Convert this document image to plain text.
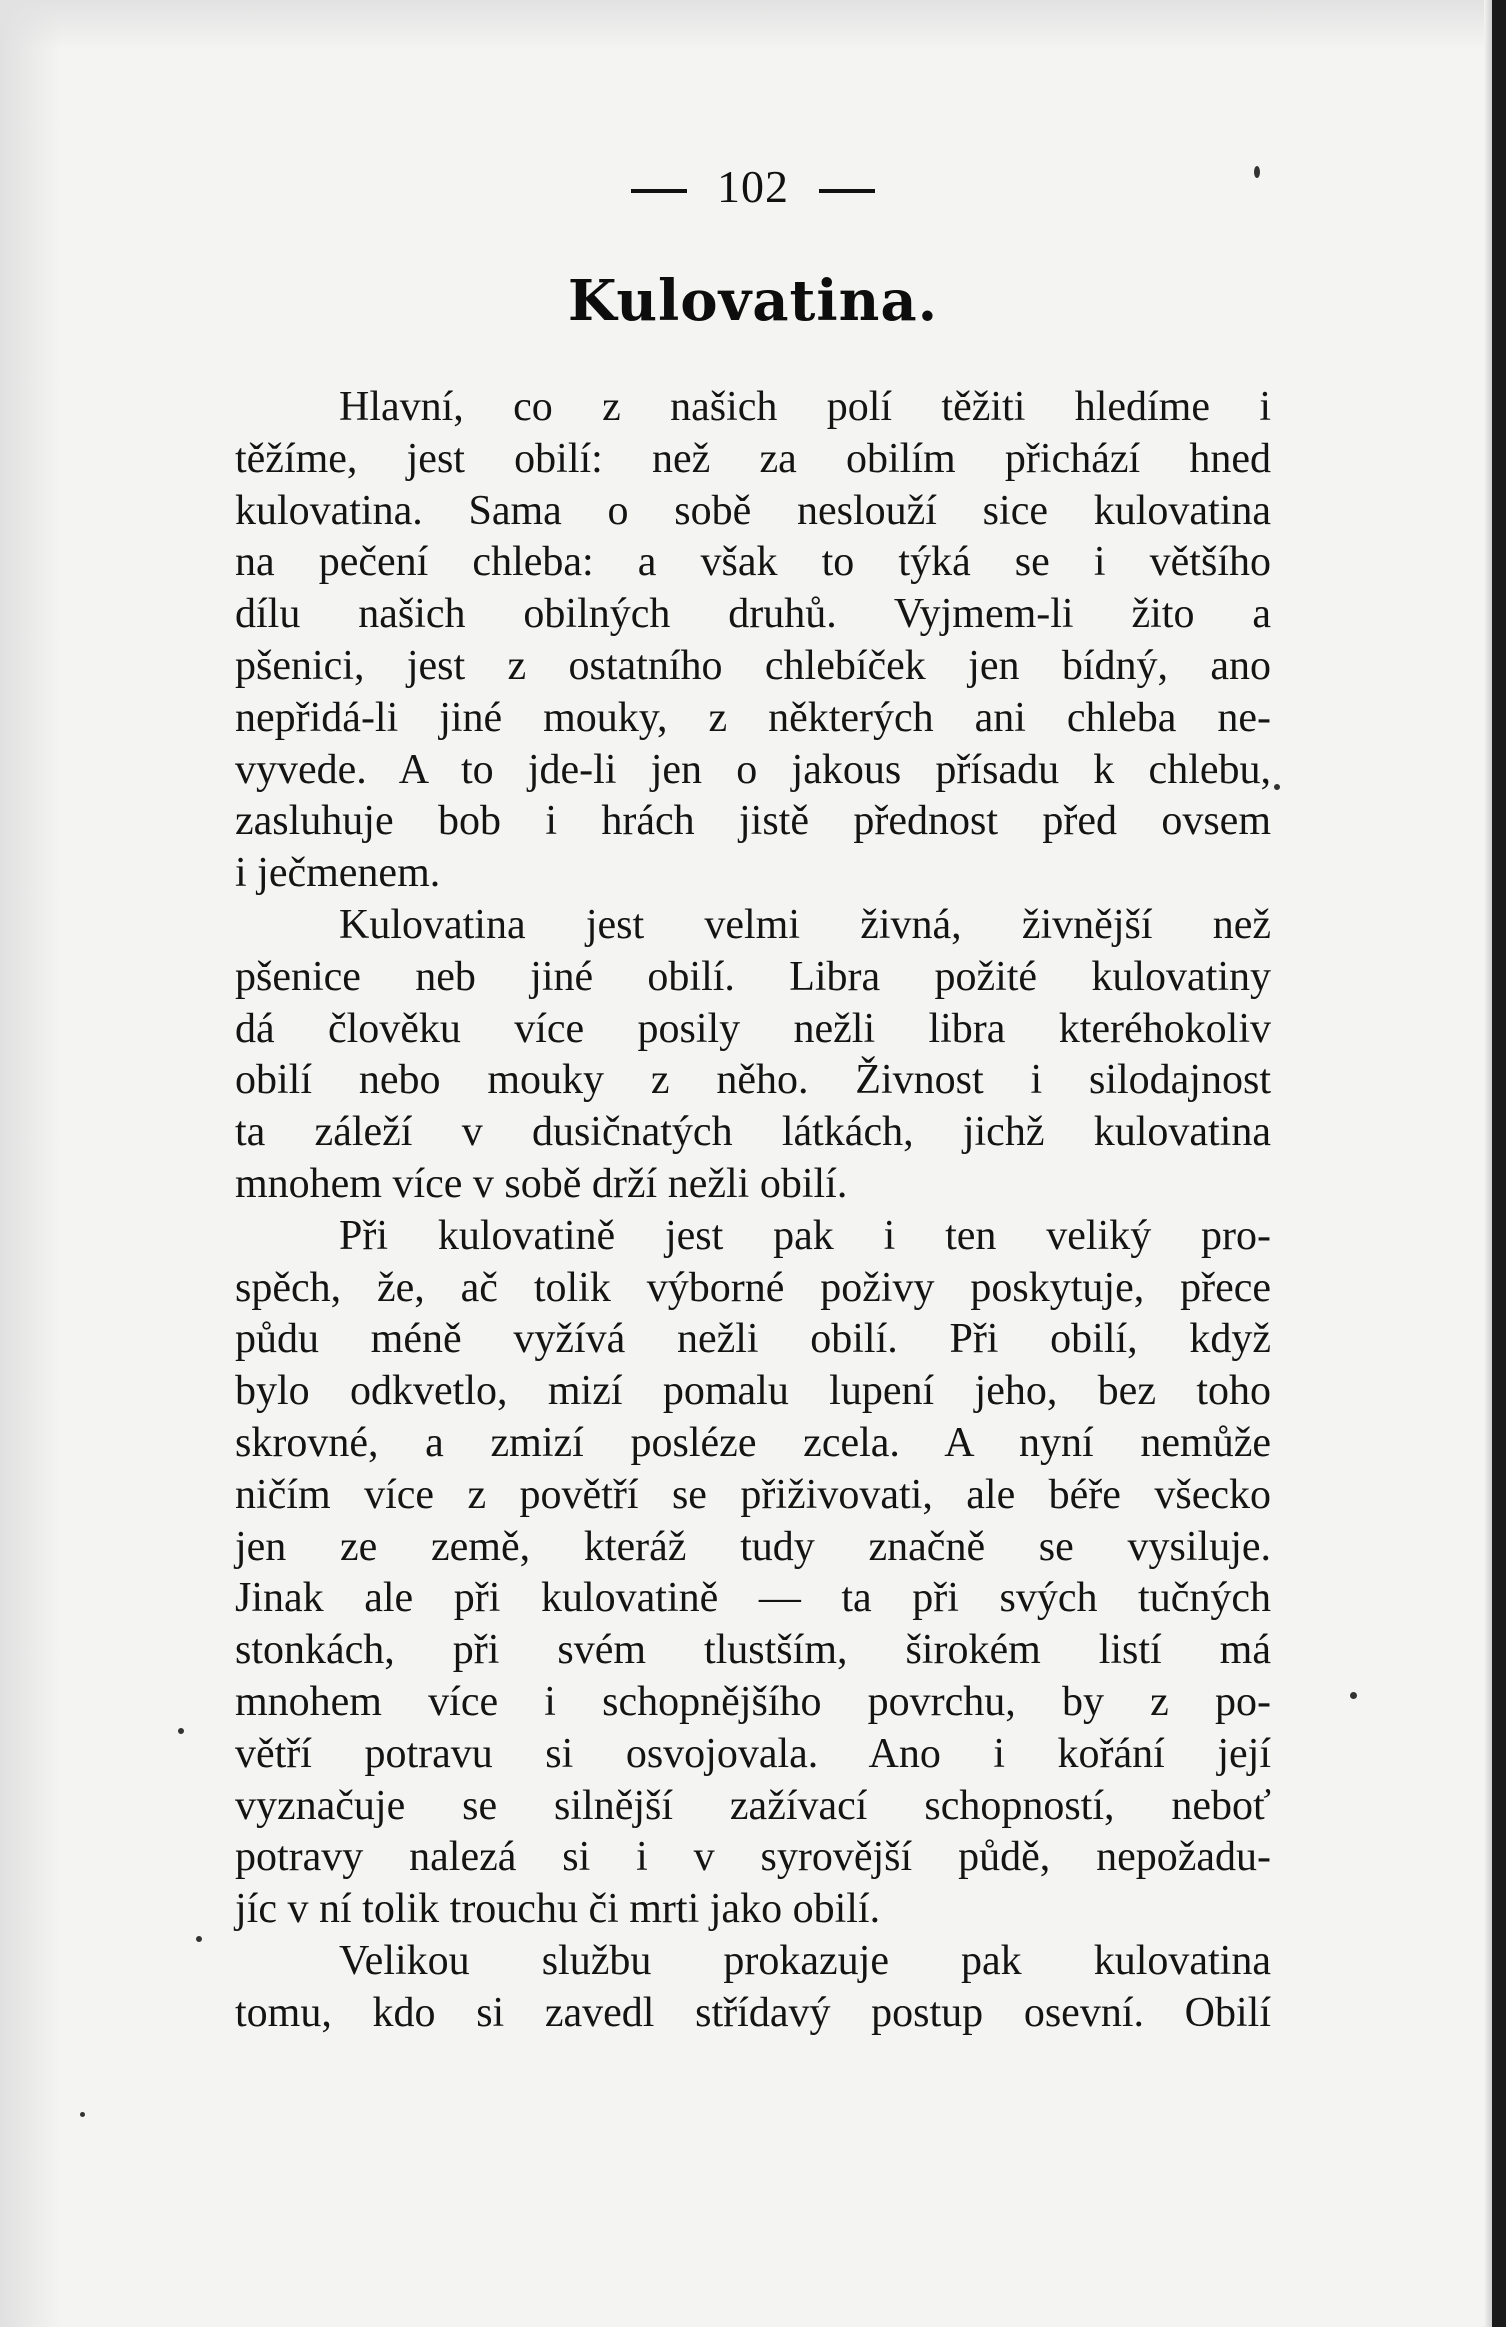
102
Kulovatina.
Hlavní, co z našich polí těžiti hledíme i
těžíme, jest obilí: než za obilím přichází hned
kulovatina. Sama o sobě neslouží sice kulovatina
na pečení chleba: a však to týká se i většího
dílu našich obilných druhů. Vyjmem-li žito a
pšenici, jest z ostatního chlebíček jen bídný, ano
nepřidá-li jiné mouky, z některých ani chleba ne-
vyvede. A to jde-li jen o jakous přísadu k chlebu,
zasluhuje bob i hrách jistě přednost před ovsem
i ječmenem.
Kulovatina jest velmi živná, živnější než
pšenice neb jiné obilí. Libra požité kulovatiny
dá člověku více posily nežli libra kteréhokoliv
obilí nebo mouky z něho. Živnost i silodajnost
ta záleží v dusičnatých látkách, jichž kulovatina
mnohem více v sobě drží nežli obilí.
Při kulovatině jest pak i ten veliký pro-
spěch, že, ač tolik výborné poživy poskytuje, přece
půdu méně vyžívá nežli obilí. Při obilí, když
bylo odkvetlo, mizí pomalu lupení jeho, bez toho
skrovné, a zmizí posléze zcela. A nyní nemůže
ničím více z povětří se přiživovati, ale béře všecko
jen ze země, kteráž tudy značně se vysiluje.
Jinak ale při kulovatině — ta při svých tučných
stonkách, při svém tlustším, širokém listí má
mnohem více i schopnějšího povrchu, by z po-
větří potravu si osvojovala. Ano i kořání její
vyznačuje se silnější zažívací schopností, neboť
potravy nalezá si i v syrovější půdě, nepožadu-
jíc v ní tolik trouchu či mrti jako obilí.
Velikou službu prokazuje pak kulovatina
tomu, kdo si zavedl střídavý postup osevní. Obilí
